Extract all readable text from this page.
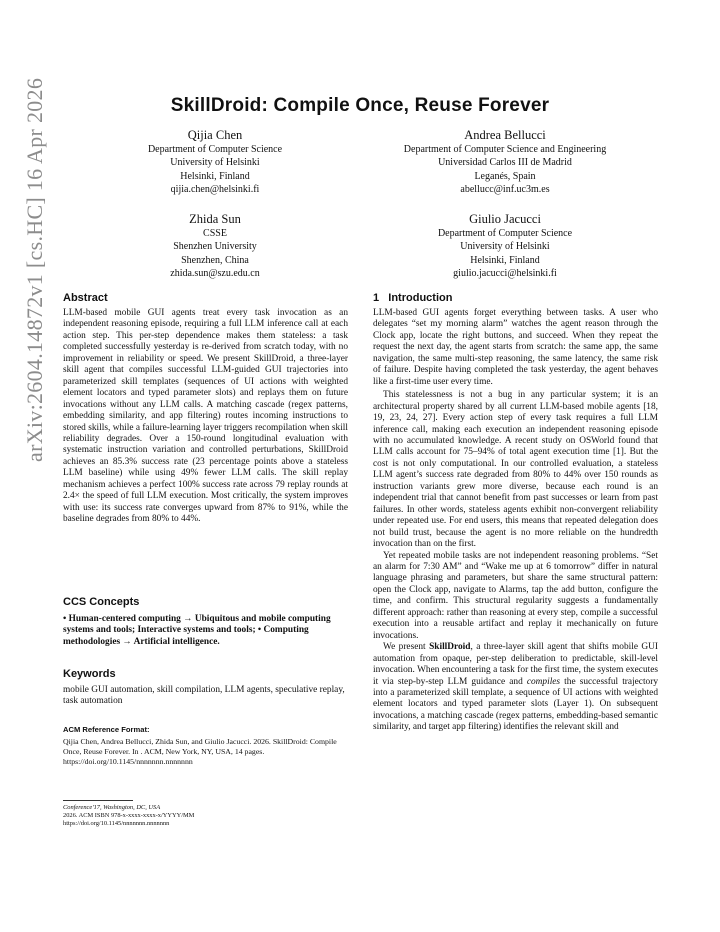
SkillDroid: Compile Once, Reuse Forever
Qijia Chen
Department of Computer Science
University of Helsinki
Helsinki, Finland
qijia.chen@helsinki.fi
Andrea Bellucci
Department of Computer Science and Engineering
Universidad Carlos III de Madrid
Leganés, Spain
abellucc@inf.uc3m.es
Zhida Sun
CSSE
Shenzhen University
Shenzhen, China
zhida.sun@szu.edu.cn
Giulio Jacucci
Department of Computer Science
University of Helsinki
Helsinki, Finland
giulio.jacucci@helsinki.fi
arXiv:2604.14872v1 [cs.HC] 16 Apr 2026 Abstract

LLM-based mobile GUI agents treat every task invocation as an independent reasoning episode, requiring a full LLM inference call at each action step. This per-step dependence makes them stateless: a task completed successfully yesterday is re-derived from scratch today, with no improvement in reliability or speed. We present SkillDroid, a three-layer skill agent that compiles successful LLM-guided GUI trajectories into parameterized skill templates (sequences of UI actions with weighted element locators and typed parameter slots) and replays them on future invocations without any LLM calls. A matching cascade (regex patterns, embedding similarity, and app filtering) routes incoming instructions to stored skills, while a failure-learning layer triggers recompilation when skill reliability degrades. Over a 150-round longitudinal evaluation with systematic instruction variation and controlled perturbations, SkillDroid achieves an 85.3% success rate (23 percentage points above a stateless LLM baseline) while using 49% fewer LLM calls. The skill replay mechanism achieves a perfect 100% success rate across 79 replay rounds at 2.4× the speed of full LLM execution. Most critically, the system improves with use: its success rate converges upward from 87% to 91%, while the baseline degrades from 80% to 44%.

CCS Concepts

• Human-centered computing → Ubiquitous and mobile computing systems and tools; Interactive systems and tools; • Computing methodologies → Artificial intelligence.

Keywords

mobile GUI automation, skill compilation, LLM agents, speculative replay, task automation

ACM Reference Format:
Qijia Chen, Andrea Bellucci, Zhida Sun, and Giulio Jacucci. 2026. SkillDroid: Compile Once, Reuse Forever. In . ACM, New York, NY, USA, 14 pages. https://doi.org/10.1145/nnnnnnn.nnnnnnn
Conference'17, Washington, DC, USA
2026. ACM ISBN 978-x-xxxx-xxxx-x/YYYY/MM
https://doi.org/10.1145/nnnnnnn.nnnnnnn
1   Introduction

LLM-based GUI agents forget everything between tasks. A user who delegates “set my morning alarm” watches the agent reason through the Clock app, locate the right buttons, and succeed. When they repeat the request the next day, the agent starts from scratch: the same app, the same navigation, the same multi-step reasoning, the same latency, the same risk of failure. Despite having completed the task yesterday, the agent behaves like a first-time user every time.

This statelessness is not a bug in any particular system; it is an architectural property shared by all current LLM-based mobile agents [18, 19, 23, 24, 27]. Every action step of every task requires a full LLM inference call, making each execution an independent reasoning episode with no accumulated knowledge. A recent study on OSWorld found that LLM calls account for 75–94% of total agent execution time [1]. But the cost is not only computational. In our controlled evaluation, a stateless LLM agent’s success rate degraded from 80% to 44% over 150 rounds as instruction variants grew more diverse, because each round is an independent trial that cannot benefit from past successes or learn from past failures. In other words, stateless agents exhibit non-convergent reliability under repeated use. For end users, this means that repeated delegation does not build trust, because the agent is no more reliable on the hundredth invocation than on the first.

Yet repeated mobile tasks are not independent reasoning problems. “Set an alarm for 7:30 AM” and “Wake me up at 6 tomorrow” differ in natural language phrasing and parameters, but share the same structural pattern: open the Clock app, navigate to Alarms, tap the add button, configure the time, and confirm. This structural regularity suggests a fundamentally different approach: rather than reasoning at every step, compile a successful execution into a reusable artifact and replay it mechanically on future invocations.

We present SkillDroid, a three-layer skill agent that shifts mobile GUI automation from opaque, per-step deliberation to predictable, skill-level invocation. When encountering a task for the first time, the system executes it via step-by-step LLM guidance and compiles the successful trajectory into a parameterized skill template, a sequence of UI actions with weighted element locators and typed parameter slots (Layer 1). On subsequent invocations, a matching cascade (regex patterns, embedding-based semantic similarity, and target app filtering) identifies the relevant skill and
